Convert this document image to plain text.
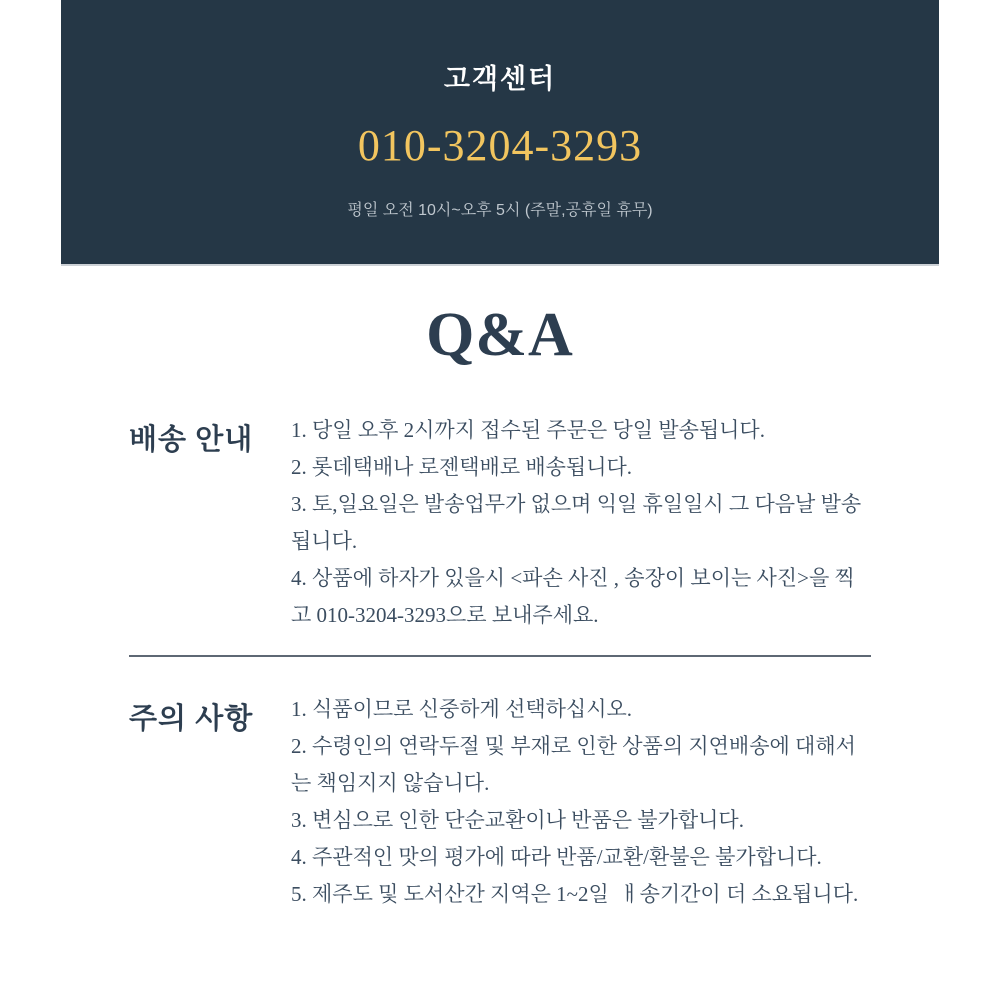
고객센터
010-3204-3293
평일 오전 10시~오후 5시 (주말,공휴일 휴무)
Q&A
배송 안내	1. 당일 오후 2시까지 접수된 주문은 당일 발송됩니다.

2. 롯데택배나 로젠택배로 배송됩니다.

3. 토,일요일은 발송업무가 없으며 익일 휴일일시 그 다음날 발송됩니다.

4. 상품에 하자가 있을시 <파손 사진 , 송장이 보이는 사진>을 찍고 010-3204-3293으로 보내주세요.

주의 사항	1. 식품이므로 신중하게 선택하십시오.

2. 수령인의 연락두절 및 부재로 인한 상품의 지연배송에 대해서는 책임지지 않습니다.

3. 변심으로 인한 단순교환이나 반품은 불가합니다.

4. 주관적인 맛의 평가에 따라 반품/교환/환불은 불가합니다.

5. 제주도 및 도서산간 지역은 1~2일  ㅐ송기간이 더 소요됩니다.
